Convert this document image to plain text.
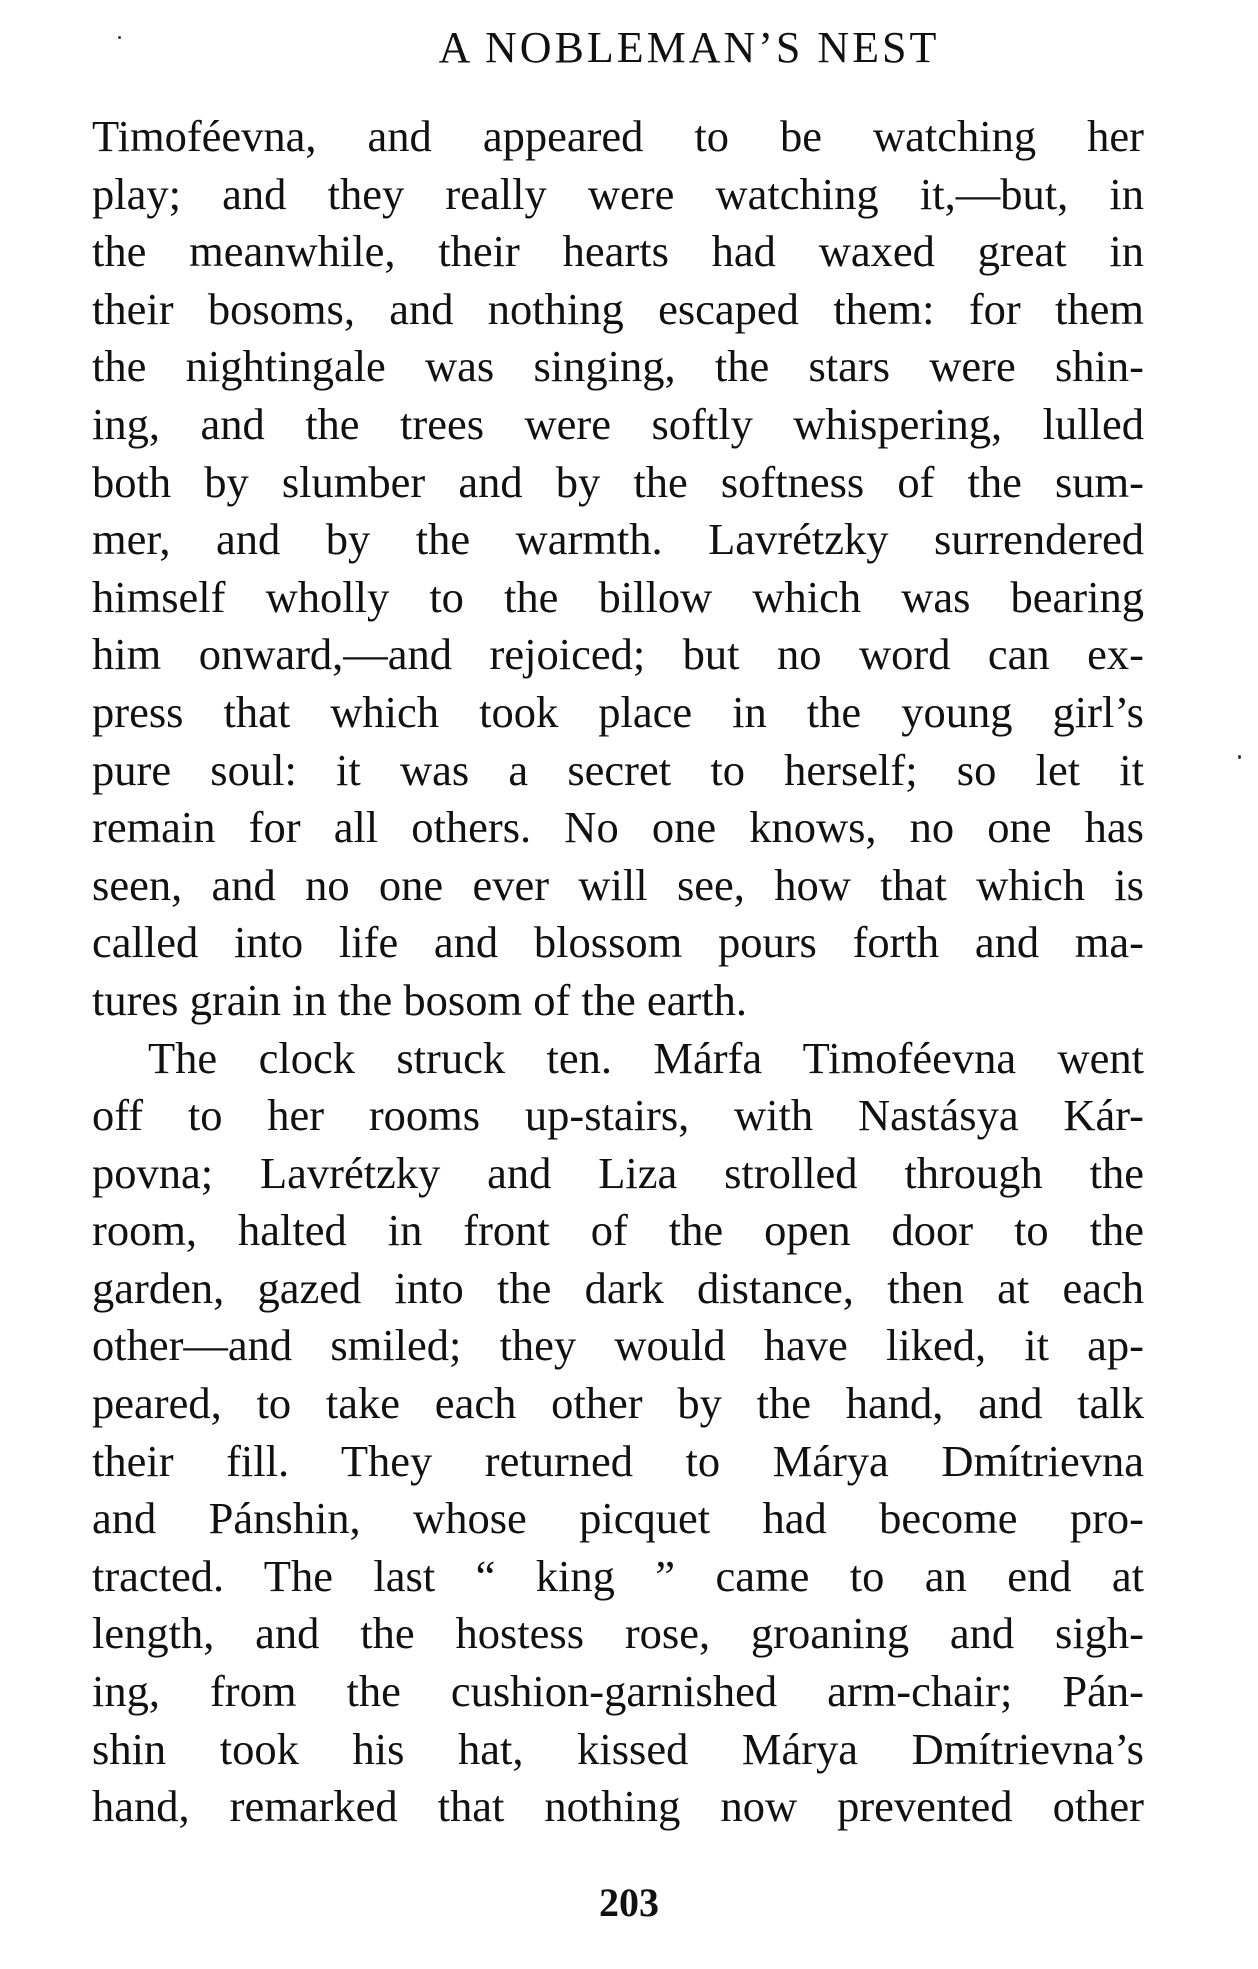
A NOBLEMAN’S NEST
Timoféevna, and appeared to be watching her
play; and they really were watching it,—but, in
the meanwhile, their hearts had waxed great in
their bosoms, and nothing escaped them: for them
the nightingale was singing, the stars were shin-
ing, and the trees were softly whispering, lulled
both by slumber and by the softness of the sum-
mer, and by the warmth. Lavrétzky surrendered
himself wholly to the billow which was bearing
him onward,—and rejoiced; but no word can ex-
press that which took place in the young girl’s
pure soul: it was a secret to herself; so let it
remain for all others. No one knows, no one has
seen, and no one ever will see, how that which is
called into life and blossom pours forth and ma-
tures grain in the bosom of the earth.
The clock struck ten. Márfa Timoféevna went
off to her rooms up-stairs, with Nastásya Kár-
povna; Lavrétzky and Liza strolled through the
room, halted in front of the open door to the
garden, gazed into the dark distance, then at each
other—and smiled; they would have liked, it ap-
peared, to take each other by the hand, and talk
their fill. They returned to Márya Dmítrievna
and Pánshin, whose picquet had become pro-
tracted. The last “ king ” came to an end at
length, and the hostess rose, groaning and sigh-
ing, from the cushion-garnished arm-chair; Pán-
shin took his hat, kissed Márya Dmítrievna’s
hand, remarked that nothing now prevented other
203
